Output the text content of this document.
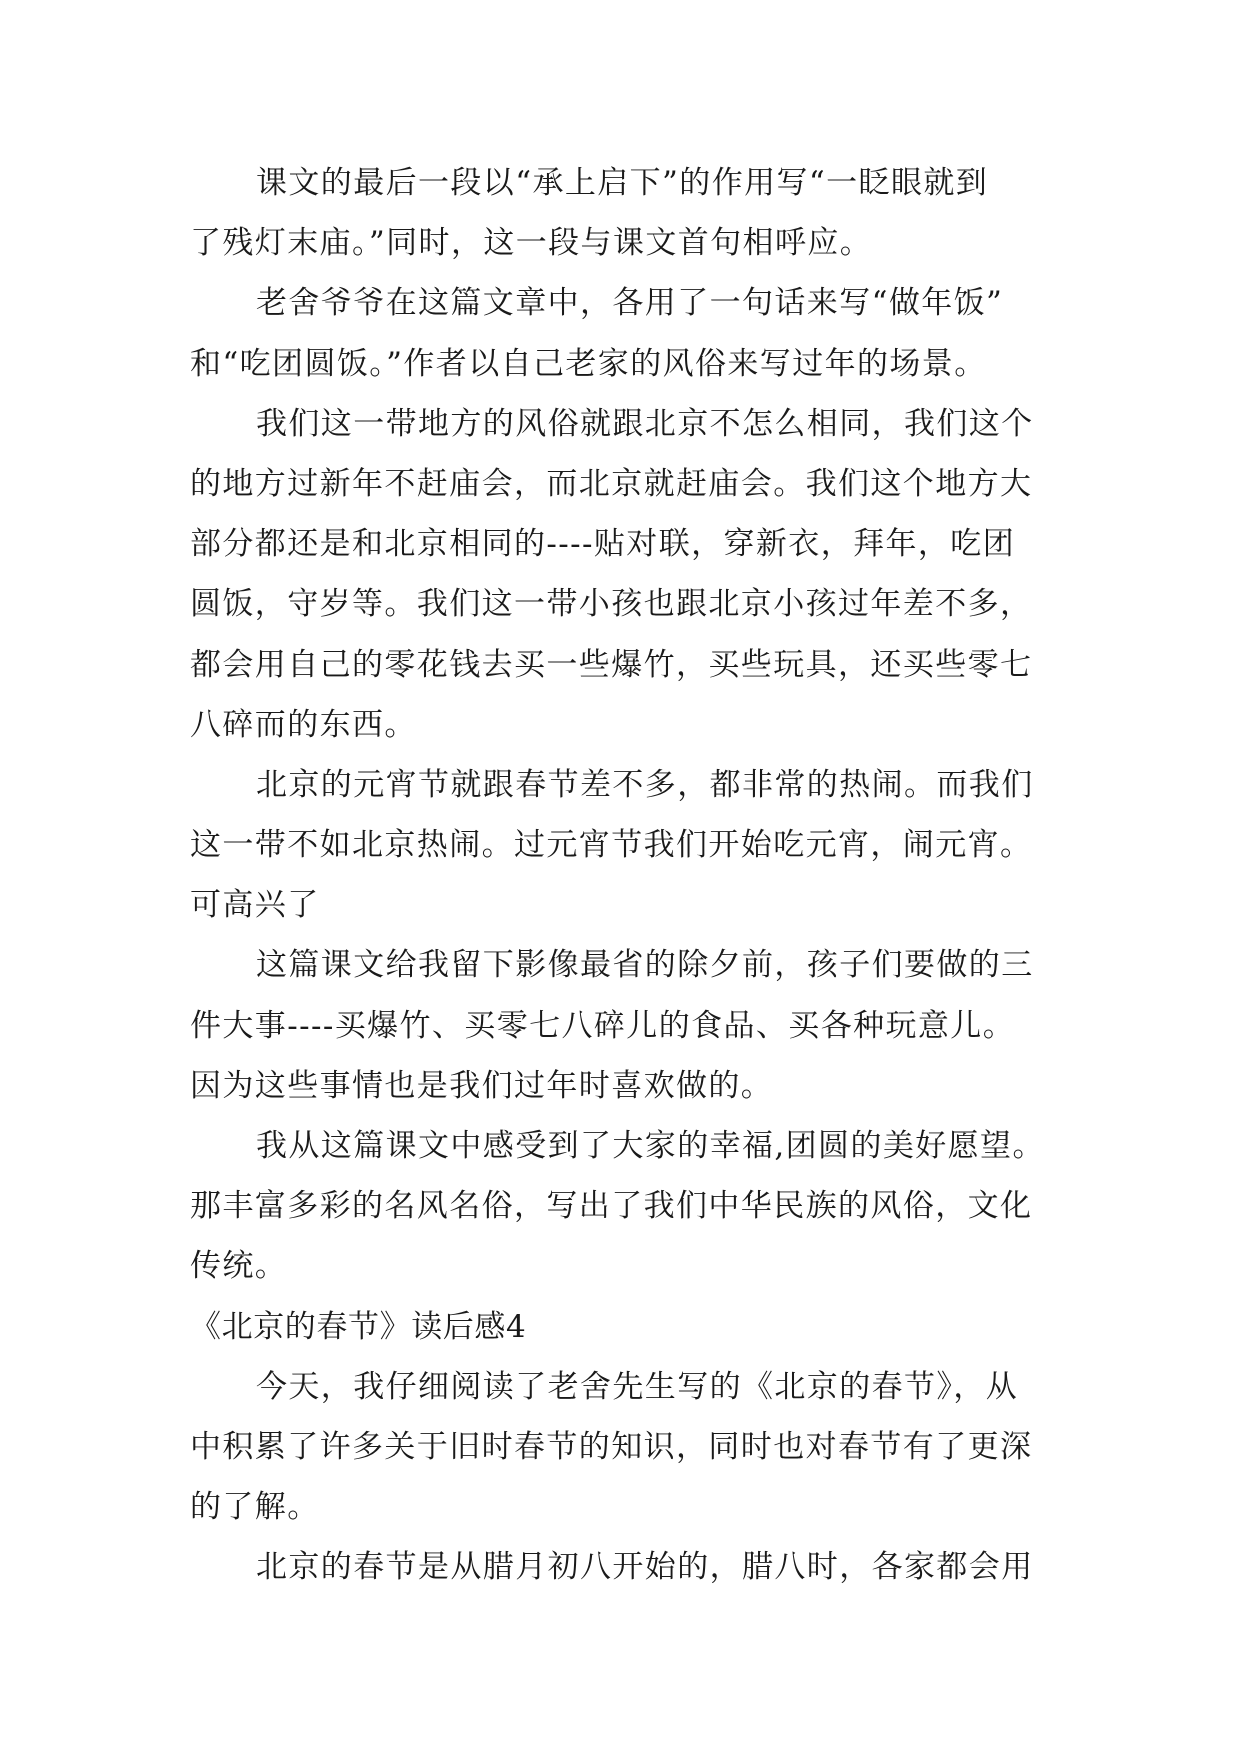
课文的最后一段以“承上启下”的作用写“一眨眼就到
了残灯末庙。”同时，这一段与课文首句相呼应。
老舍爷爷在这篇文章中，各用了一句话来写“做年饭”
和“吃团圆饭。”作者以自己老家的风俗来写过年的场景。
我们这一带地方的风俗就跟北京不怎么相同，我们这个
的地方过新年不赶庙会，而北京就赶庙会。我们这个地方大
部分都还是和北京相同的----贴对联，穿新衣，拜年，吃团
圆饭，守岁等。我们这一带小孩也跟北京小孩过年差不多，
都会用自己的零花钱去买一些爆竹，买些玩具，还买些零七
八碎而的东西。
北京的元宵节就跟春节差不多，都非常的热闹。而我们
这一带不如北京热闹。过元宵节我们开始吃元宵，闹元宵。
可高兴了
这篇课文给我留下影像最省的除夕前，孩子们要做的三
件大事----买爆竹、买零七八碎儿的食品、买各种玩意儿。
因为这些事情也是我们过年时喜欢做的。
我从这篇课文中感受到了大家的幸福,团圆的美好愿望。
那丰富多彩的名风名俗，写出了我们中华民族的风俗，文化
传统。
《北京的春节》读后感4
今天，我仔细阅读了老舍先生写的《北京的春节》，从
中积累了许多关于旧时春节的知识，同时也对春节有了更深
的了解。
北京的春节是从腊月初八开始的，腊八时，各家都会用
